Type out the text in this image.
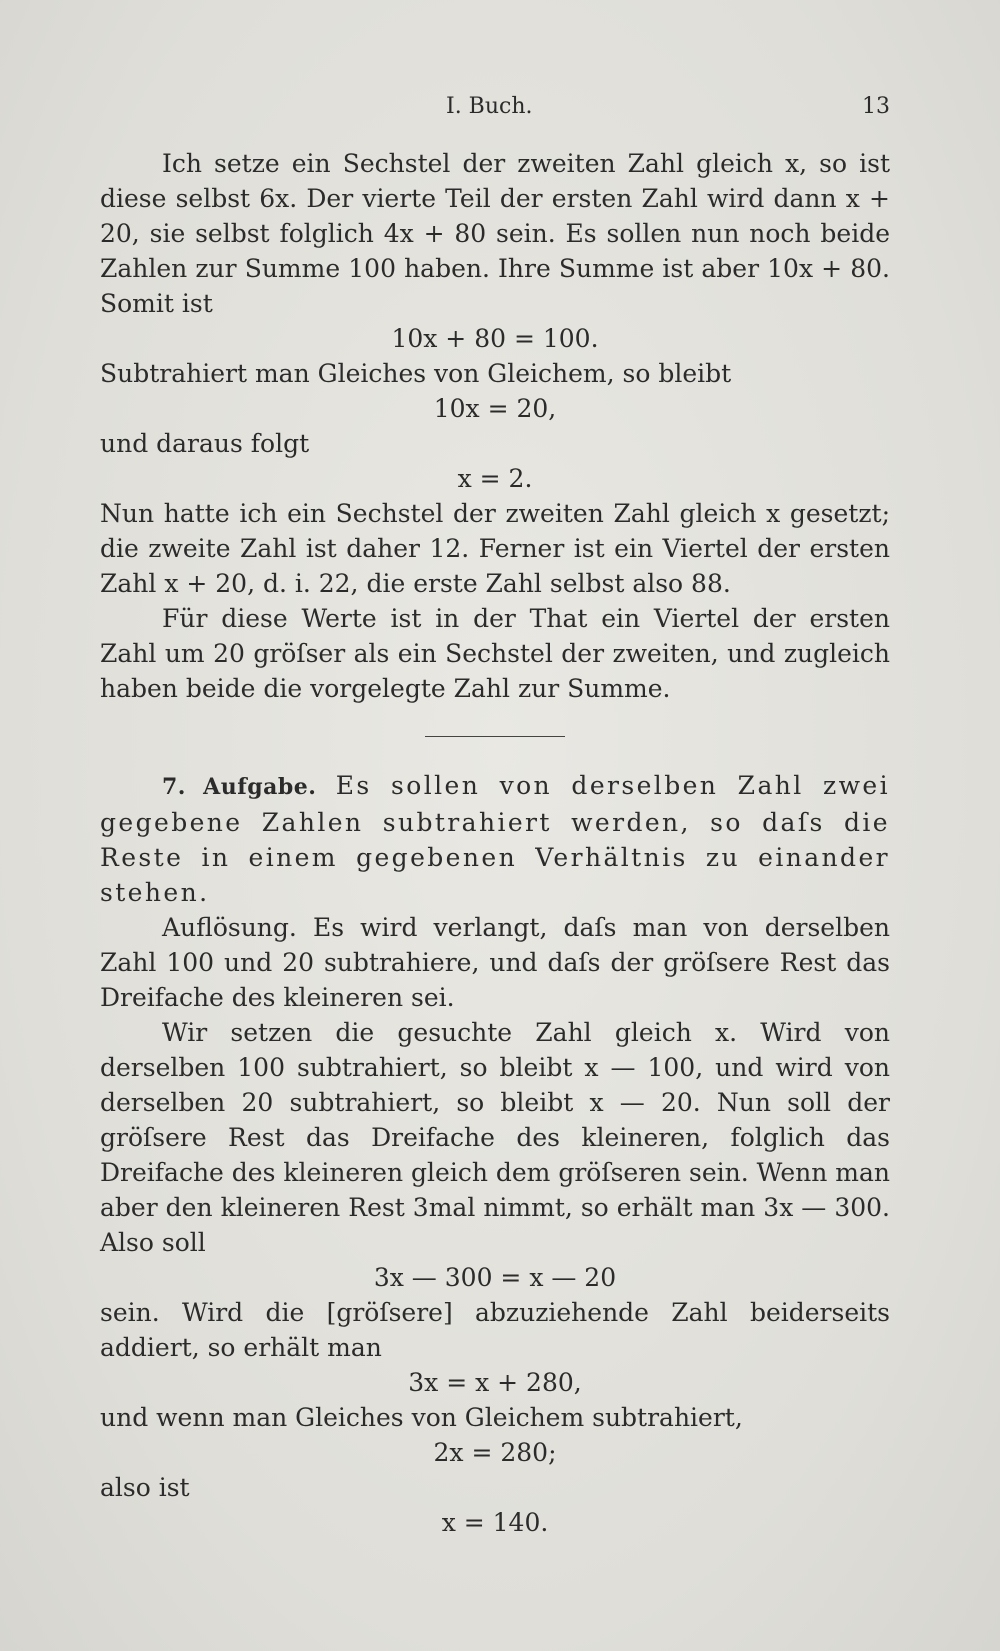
I. Buch.	13

Ich setze ein Sechstel der zweiten Zahl gleich x, so ist diese selbst 6x. Der vierte Teil der ersten Zahl wird dann x + 20, sie selbst folglich 4x + 80 sein. Es sollen nun noch beide Zahlen zur Summe 100 haben. Ihre Summe ist aber 10x + 80. Somit ist

10x + 80 = 100.

Subtrahiert man Gleiches von Gleichem, so bleibt

10x = 20,

und daraus folgt

x = 2.

Nun hatte ich ein Sechstel der zweiten Zahl gleich x gesetzt; die zweite Zahl ist daher 12. Ferner ist ein Viertel der ersten Zahl x + 20, d. i. 22, die erste Zahl selbst also 88.

Für diese Werte ist in der That ein Viertel der ersten Zahl um 20 gröſser als ein Sechstel der zweiten, und zugleich haben beide die vorgelegte Zahl zur Summe.

7. Aufgabe. Es sollen von derselben Zahl zwei gegebene Zahlen subtrahiert werden, so daſs die Reste in einem gegebenen Verhältnis zu einander stehen.

Auflösung. Es wird verlangt, daſs man von derselben Zahl 100 und 20 subtrahiere, und daſs der gröſsere Rest das Dreifache des kleineren sei.

Wir setzen die gesuchte Zahl gleich x. Wird von derselben 100 subtrahiert, so bleibt x — 100, und wird von derselben 20 subtrahiert, so bleibt x — 20. Nun soll der gröſsere Rest das Dreifache des kleineren, folglich das Dreifache des kleineren gleich dem gröſseren sein. Wenn man aber den kleineren Rest 3mal nimmt, so erhält man 3x — 300. Also soll

3x — 300 = x — 20

sein. Wird die [gröſsere] abzuziehende Zahl beiderseits addiert, so erhält man

3x = x + 280,

und wenn man Gleiches von Gleichem subtrahiert,

2x = 280;

also ist

x = 140.
